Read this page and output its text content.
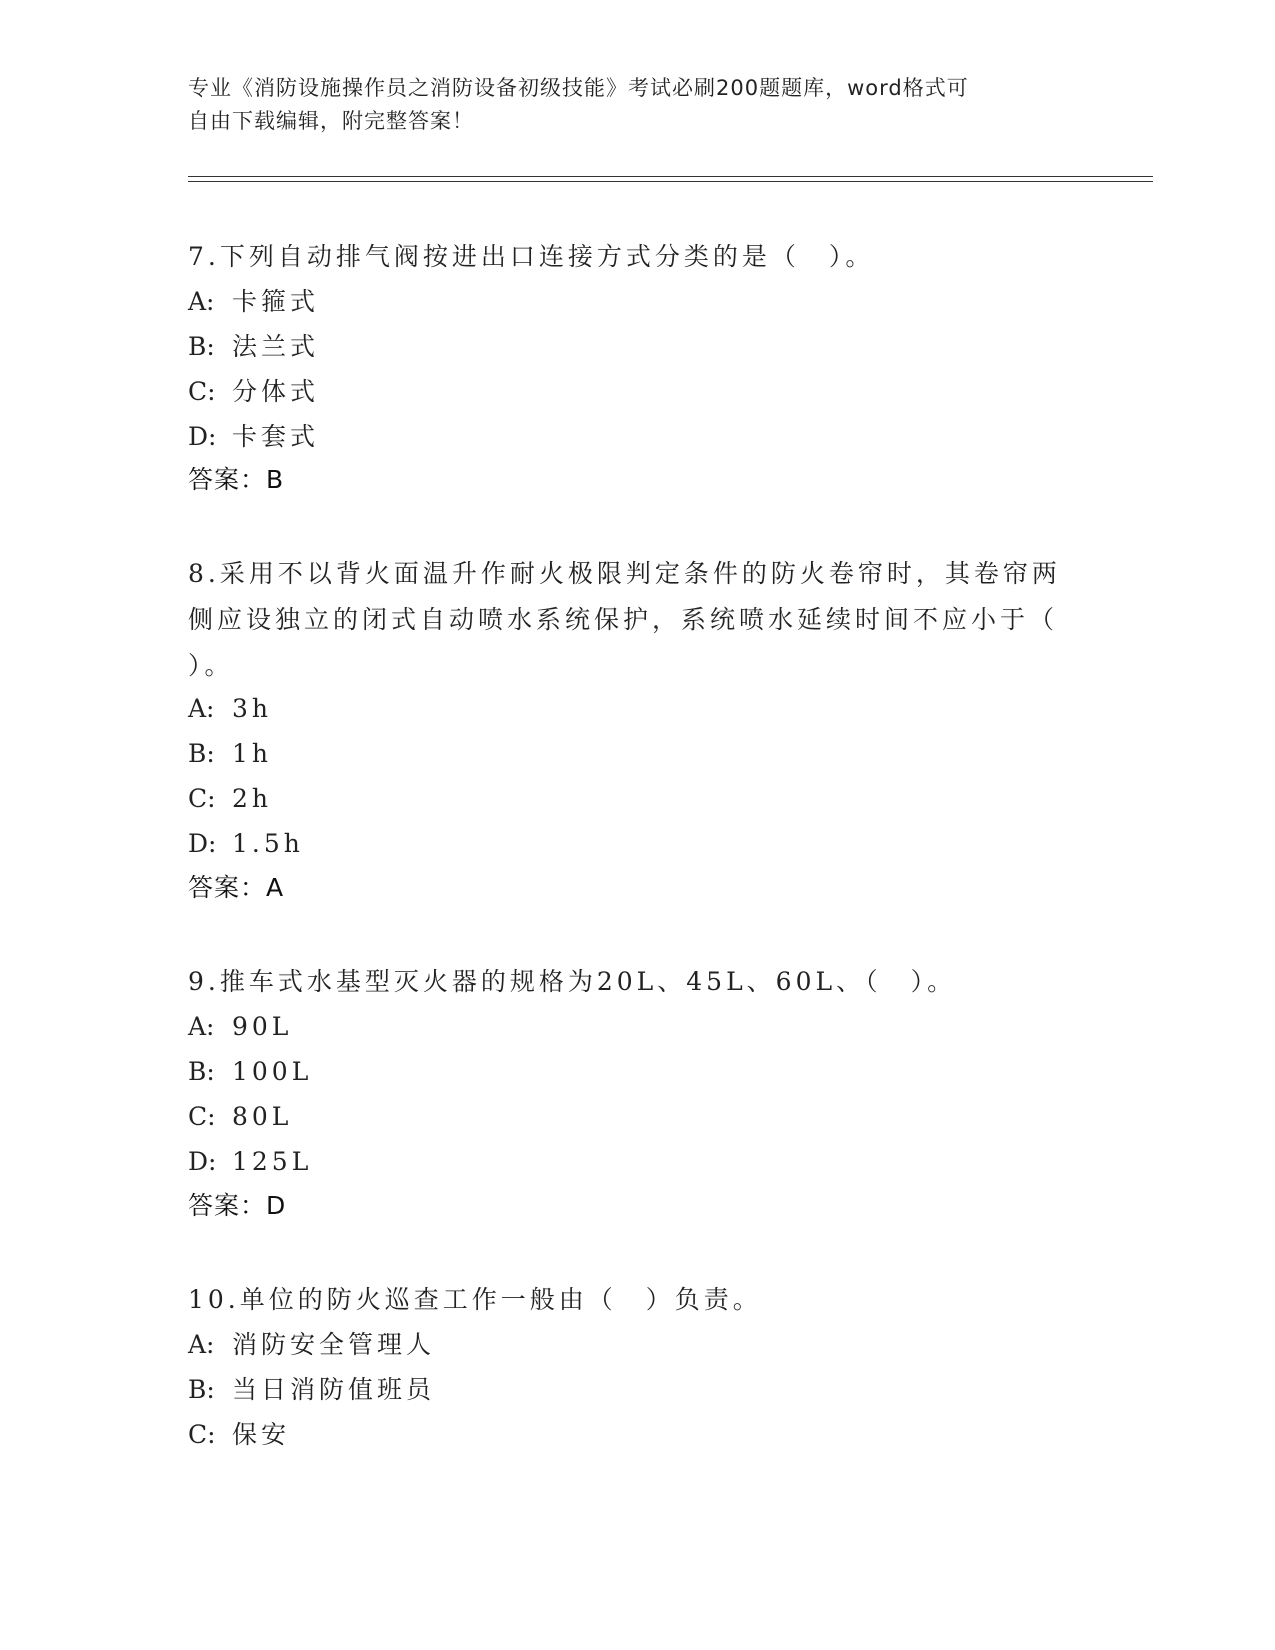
专业《消防设施操作员之消防设备初级技能》考试必刷200题题库，word格式可
自由下载编辑，附完整答案！
7.下列自动排气阀按进出口连接方式分类的是（　）。
A: 卡箍式
B: 法兰式
C: 分体式
D: 卡套式
答案：B
8.采用不以背火面温升作耐火极限判定条件的防火卷帘时，其卷帘两
侧应设独立的闭式自动喷水系统保护，系统喷水延续时间不应小于（
）。
A: 3h
B: 1h
C: 2h
D: 1.5h
答案：A
9.推车式水基型灭火器的规格为20L、45L、60L、（　）。
A: 90L
B: 100L
C: 80L
D: 125L
答案：D
10.单位的防火巡查工作一般由（　）负责。
A: 消防安全管理人
B: 当日消防值班员
C: 保安
